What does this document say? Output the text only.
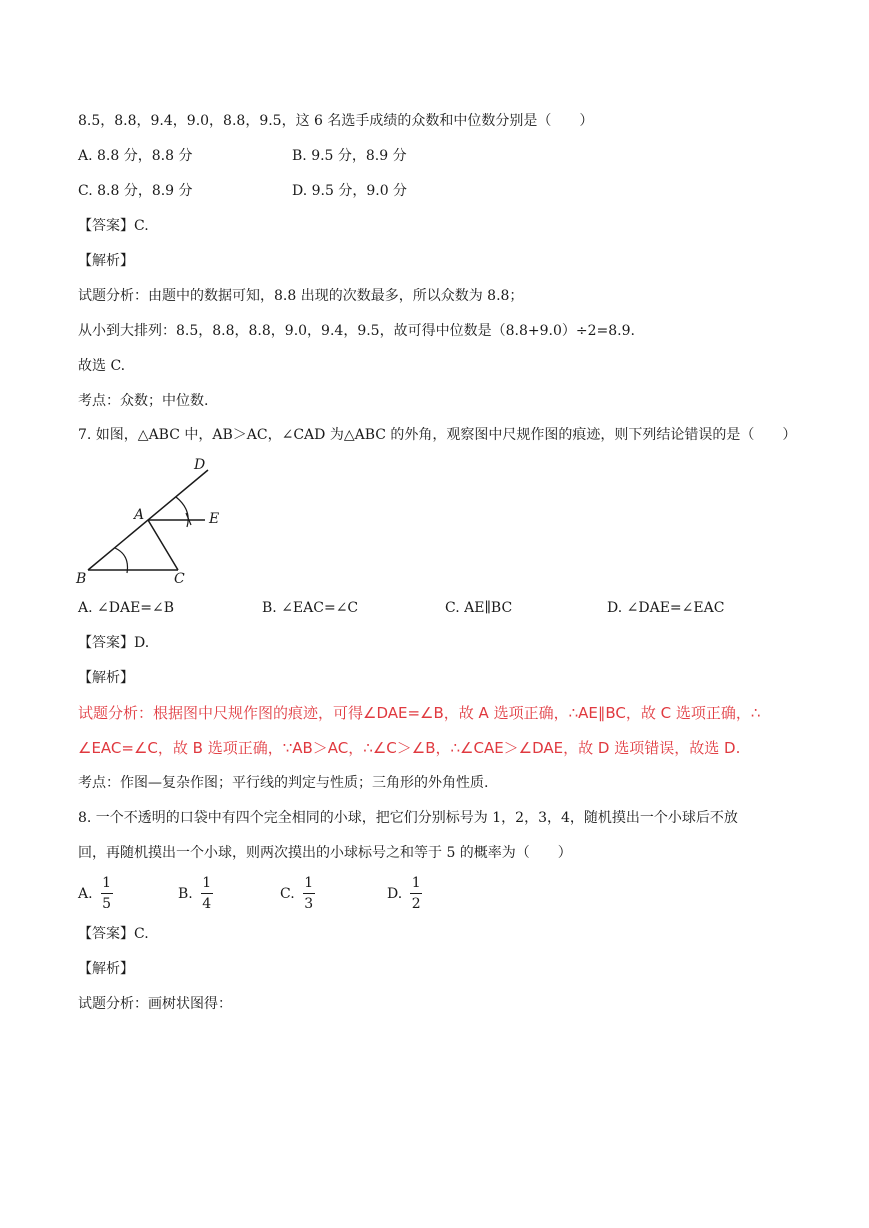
8.5，8.8，9.4，9.0，8.8，9.5，这 6 名选手成绩的众数和中位数分别是（　　）
A. 8.8 分，8.8 分	B. 9.5 分，8.9 分
C. 8.8 分，8.9 分	D. 9.5 分，9.0 分
【答案】C.
【解析】
试题分析：由题中的数据可知，8.8 出现的次数最多，所以众数为 8.8；
从小到大排列：8.5，8.8，8.8，9.0，9.4，9.5，故可得中位数是（8.8+9.0）÷2=8.9.
故选 C.
考点：众数；中位数.
7. 如图，△ABC 中，AB＞AC，∠CAD 为△ABC 的外角，观察图中尺规作图的痕迹，则下列结论错误的是（　　）
D
A	E
B	C
A. ∠DAE=∠B	B. ∠EAC=∠C	C. AE∥BC	D. ∠DAE=∠EAC
【答案】D.
【解析】
试题分析：根据图中尺规作图的痕迹，可得∠DAE=∠B，故 A 选项正确，∴AE∥BC，故 C 选项正确，∴
∠EAC=∠C，故 B 选项正确，∵AB＞AC，∴∠C＞∠B，∴∠CAE＞∠DAE，故 D 选项错误，故选 D.
考点：作图—复杂作图；平行线的判定与性质；三角形的外角性质.
8. 一个不透明的口袋中有四个完全相同的小球，把它们分别标号为 1，2，3，4，随机摸出一个小球后不放
回，再随机摸出一个小球，则两次摸出的小球标号之和等于 5 的概率为（　　）
A. $\frac{1}{5}$	B. $\frac{1}{4}$	C. $\frac{1}{3}$	D. $\frac{1}{2}$
【答案】C.
【解析】
试题分析：画树状图得：
